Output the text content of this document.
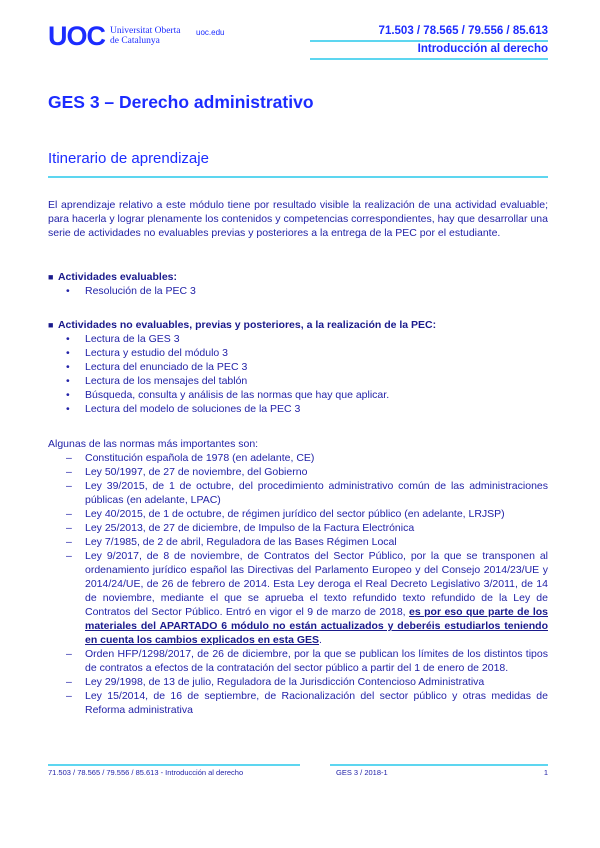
UOC Universitat Oberta
de Catalunya
uoc.edu	71.503 / 78.565 / 79.556 / 85.613
Introducción al derecho
GES 3 – Derecho administrativo
Itinerario de aprendizaje

El aprendizaje relativo a este módulo tiene por resultado visible la realización de una actividad evaluable; para hacerla y lograr plenamente los contenidos y competencias correspondientes, hay que desarrollar una serie de actividades no evaluables previas y posteriores a la entrega de la PEC por el estudiante.

■ Actividades evaluables:
• Resolución de la PEC 3
■ Actividades no evaluables, previas y posteriores, a la realización de la PEC:
• Lectura de la GES 3
• Lectura y estudio del módulo 3
• Lectura del enunciado de la PEC 3
• Lectura de los mensajes del tablón
• Búsqueda, consulta y análisis de las normas que hay que aplicar.
• Lectura del modelo de soluciones de la PEC 3
Algunas de las normas más importantes son:
– Constitución española de 1978 (en adelante, CE)
– Ley 50/1997, de 27 de noviembre, del Gobierno
– Ley 39/2015, de 1 de octubre, del procedimiento administrativo común de las administraciones públicas (en adelante, LPAC)
– Ley 40/2015, de 1 de octubre, de régimen jurídico del sector público (en adelante, LRJSP)
– Ley 25/2013, de 27 de diciembre, de Impulso de la Factura Electrónica
– Ley 7/1985, de 2 de abril, Reguladora de las Bases Régimen Local
– Ley 9/2017, de 8 de noviembre, de Contratos del Sector Público, por la que se transponen al ordenamiento jurídico español las Directivas del Parlamento Europeo y del Consejo 2014/23/UE y 2014/24/UE, de 26 de febrero de 2014. Esta Ley deroga el Real Decreto Legislativo 3/2011, de 14 de noviembre, mediante el que se aprueba el texto refundido texto refundido de la Ley de Contratos del Sector Público. Entró en vigor el 9 de marzo de 2018, es por eso que parte de los materiales del APARTADO 6 módulo no están actualizados y deberéis estudiarlos teniendo en cuenta los cambios explicados en esta GES.
– Orden HFP/1298/2017, de 26 de diciembre, por la que se publican los límites de los distintos tipos de contratos a efectos de la contratación del sector público a partir del 1 de enero de 2018.
– Ley 29/1998, de 13 de julio, Reguladora de la Jurisdicción Contencioso Administrativa
– Ley 15/2014, de 16 de septiembre, de Racionalización del sector público y otras medidas de Reforma administrativa
71.503 / 78.565 / 79.556 / 85.613 - Introducción al derecho	GES 3 / 2018-1	1
